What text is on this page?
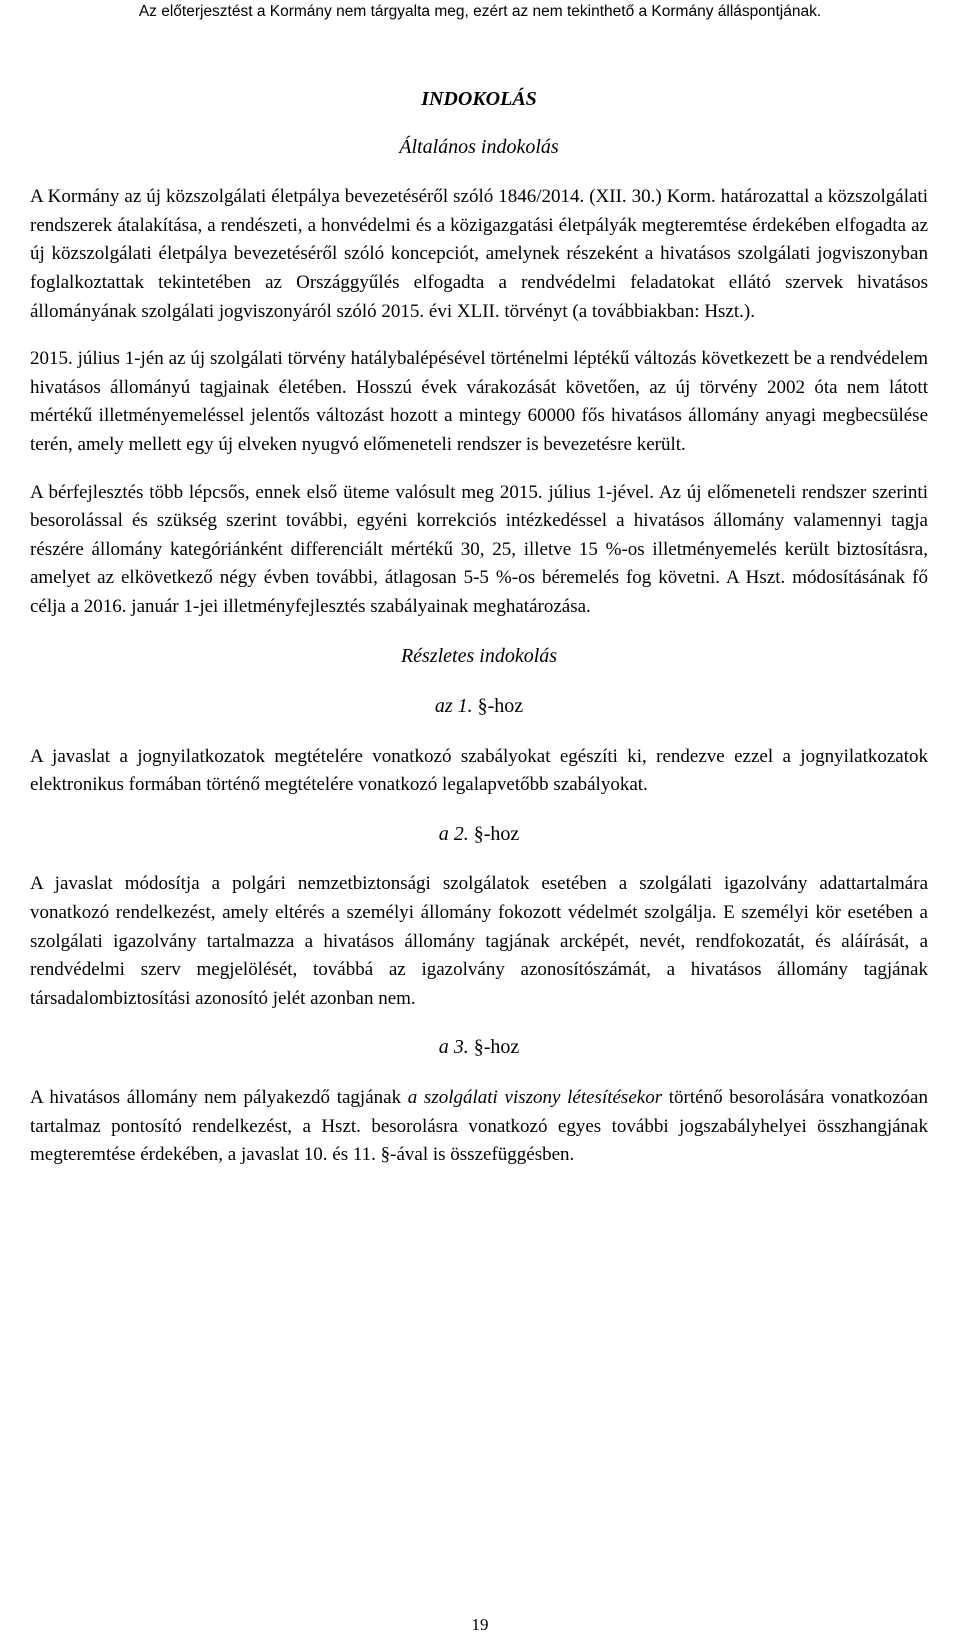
Az előterjesztést a Kormány nem tárgyalta meg, ezért az nem tekinthető a Kormány álláspontjának.
INDOKOLÁS
Általános indokolás

A Kormány az új közszolgálati életpálya bevezetéséről szóló 1846/2014. (XII. 30.) Korm. határozattal a közszolgálati rendszerek átalakítása, a rendészeti, a honvédelmi és a közigazgatási életpályák megteremtése érdekében elfogadta az új közszolgálati életpálya bevezetéséről szóló koncepciót, amelynek részeként a hivatásos szolgálati jogviszonyban foglalkoztattak tekintetében az Országgyűlés elfogadta a rendvédelmi feladatokat ellátó szervek hivatásos állományának szolgálati jogviszonyáról szóló 2015. évi XLII. törvényt (a továbbiakban: Hszt.).

2015. július 1-jén az új szolgálati törvény hatálybalépésével történelmi léptékű változás következett be a rendvédelem hivatásos állományú tagjainak életében. Hosszú évek várakozását követően, az új törvény 2002 óta nem látott mértékű illetményemeléssel jelentős változást hozott a mintegy 60000 fős hivatásos állomány anyagi megbecsülése terén, amely mellett egy új elveken nyugvó előmeneteli rendszer is bevezetésre került.

A bérfejlesztés több lépcsős, ennek első üteme valósult meg 2015. július 1-jével. Az új előmeneteli rendszer szerinti besorolással és szükség szerint további, egyéni korrekciós intézkedéssel a hivatásos állomány valamennyi tagja részére állomány kategóriánként differenciált mértékű 30, 25, illetve 15 %-os illetményemelés került biztosításra, amelyet az elkövetkező négy évben további, átlagosan 5-5 %-os béremelés fog követni. A Hszt. módosításának fő célja a 2016. január 1-jei illetményfejlesztés szabályainak meghatározása.

Részletes indokolás
az 1. §-hoz

A javaslat a jognyilatkozatok megtételére vonatkozó szabályokat egészíti ki, rendezve ezzel a jognyilatkozatok elektronikus formában történő megtételére vonatkozó legalapvetőbb szabályokat.

a 2. §-hoz

A javaslat módosítja a polgári nemzetbiztonsági szolgálatok esetében a szolgálati igazolvány adattartalmára vonatkozó rendelkezést, amely eltérés a személyi állomány fokozott védelmét szolgálja. E személyi kör esetében a szolgálati igazolvány tartalmazza a hivatásos állomány tagjának arcképét, nevét, rendfokozatát, és aláírását, a rendvédelmi szerv megjelölését, továbbá az igazolvány azonosítószámát, a hivatásos állomány tagjának társadalombiztosítási azonosító jelét azonban nem.

a 3. §-hoz

A hivatásos állomány nem pályakezdő tagjának a szolgálati viszony létesítésekor történő besorolására vonatkozóan tartalmaz pontosító rendelkezést, a Hszt. besorolásra vonatkozó egyes további jogszabályhelyei összhangjának megteremtése érdekében, a javaslat 10. és 11. §-ával is összefüggésben.

19
